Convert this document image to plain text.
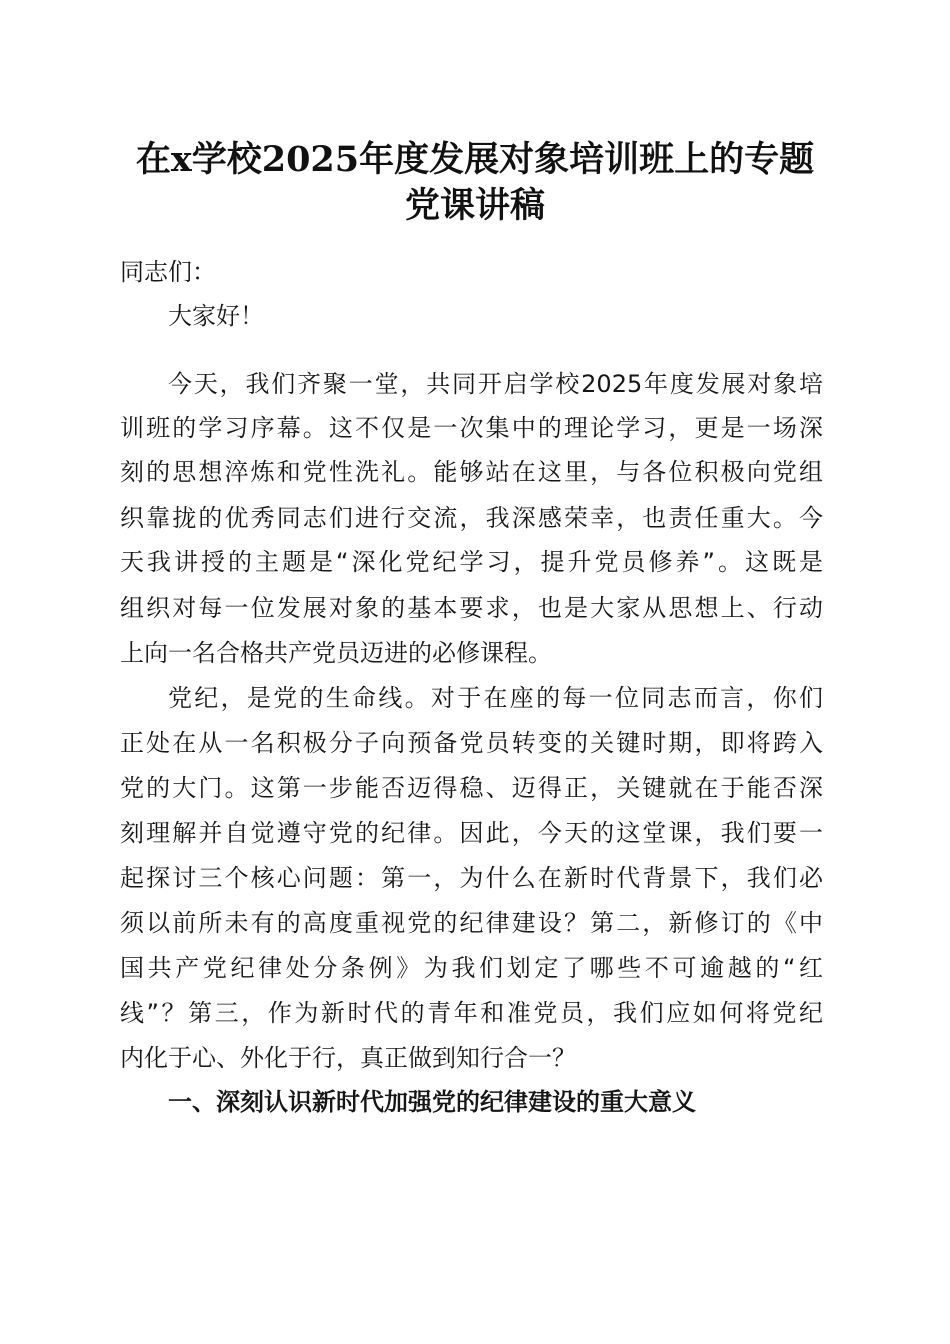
在x学校2025年度发展对象培训班上的专题
党课讲稿
同志们：
大家好！
今天，我们齐聚一堂，共同开启学校2025年度发展对象培
训班的学习序幕。这不仅是一次集中的理论学习，更是一场深
刻的思想淬炼和党性洗礼。能够站在这里，与各位积极向党组
织靠拢的优秀同志们进行交流，我深感荣幸，也责任重大。今
天我讲授的主题是“深化党纪学习，提升党员修养”。这既是
组织对每一位发展对象的基本要求，也是大家从思想上、行动
上向一名合格共产党员迈进的必修课程。
党纪，是党的生命线。对于在座的每一位同志而言，你们
正处在从一名积极分子向预备党员转变的关键时期，即将跨入
党的大门。这第一步能否迈得稳、迈得正，关键就在于能否深
刻理解并自觉遵守党的纪律。因此，今天的这堂课，我们要一
起探讨三个核心问题：第一，为什么在新时代背景下，我们必
须以前所未有的高度重视党的纪律建设？第二，新修订的《中
国共产党纪律处分条例》为我们划定了哪些不可逾越的“红
线”？第三，作为新时代的青年和准党员，我们应如何将党纪
内化于心、外化于行，真正做到知行合一？
一、深刻认识新时代加强党的纪律建设的重大意义
